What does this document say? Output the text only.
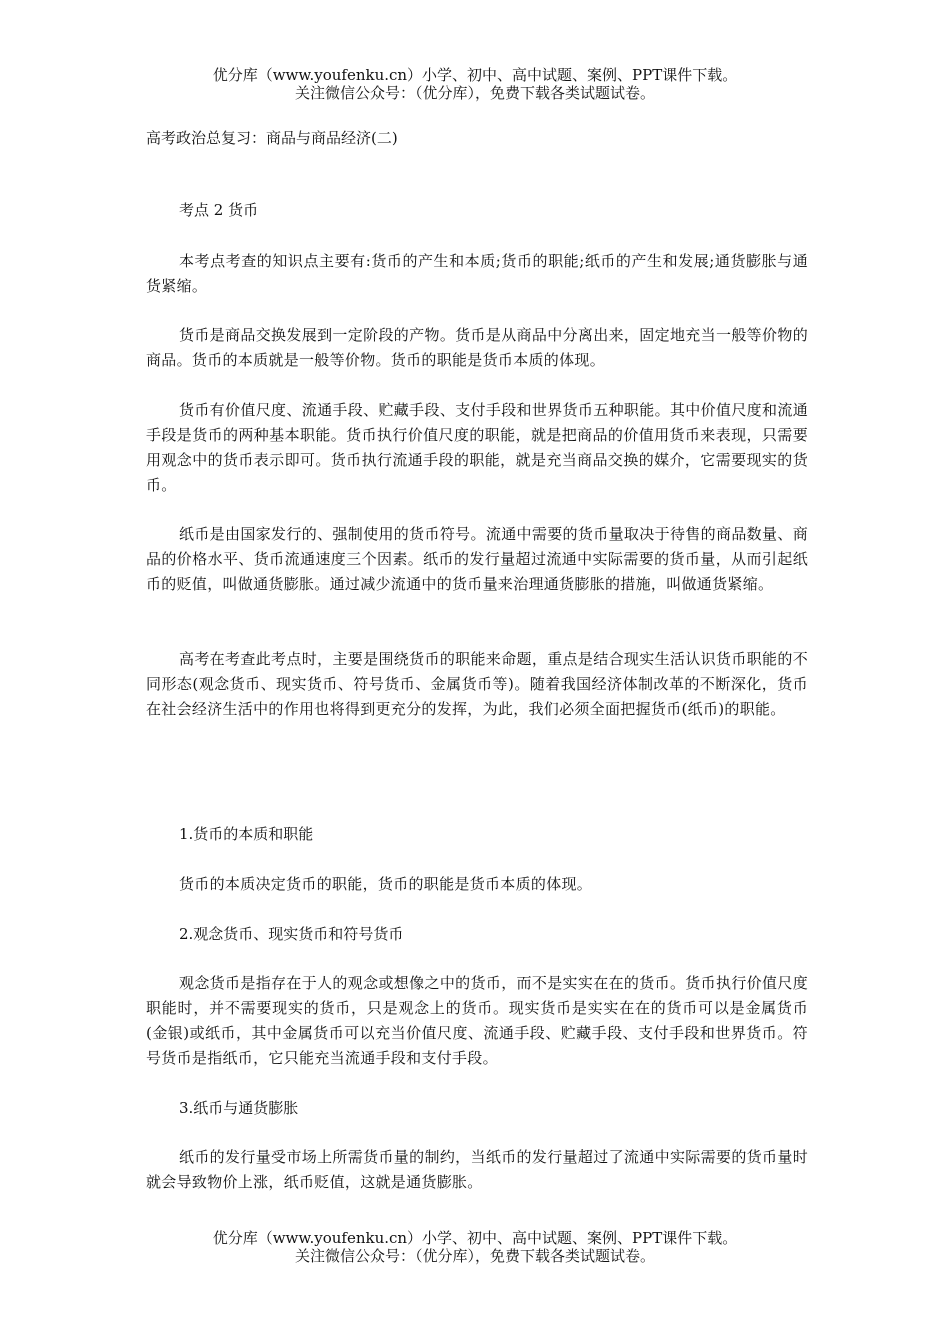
优分库（www.youfenku.cn）小学、初中、高中试题、案例、PPT课件下载。
关注微信公众号：（优分库），免费下载各类试题试卷。
高考政治总复习：商品与商品经济(二)
考点 2 货币
本考点考查的知识点主要有:货币的产生和本质;货币的职能;纸币的产生和发展;通货膨胀与通货紧缩。
货币是商品交换发展到一定阶段的产物。货币是从商品中分离出来，固定地充当一般等价物的商品。货币的本质就是一般等价物。货币的职能是货币本质的体现。
货币有价值尺度、流通手段、贮藏手段、支付手段和世界货币五种职能。其中价值尺度和流通手段是货币的两种基本职能。货币执行价值尺度的职能，就是把商品的价值用货币来表现，只需要用观念中的货币表示即可。货币执行流通手段的职能，就是充当商品交换的媒介，它需要现实的货币。
纸币是由国家发行的、强制使用的货币符号。流通中需要的货币量取决于待售的商品数量、商品的价格水平、货币流通速度三个因素。纸币的发行量超过流通中实际需要的货币量，从而引起纸币的贬值，叫做通货膨胀。通过减少流通中的货币量来治理通货膨胀的措施，叫做通货紧缩。
高考在考查此考点时，主要是围绕货币的职能来命题，重点是结合现实生活认识货币职能的不同形态(观念货币、现实货币、符号货币、金属货币等)。随着我国经济体制改革的不断深化，货币在社会经济生活中的作用也将得到更充分的发挥，为此，我们必须全面把握货币(纸币)的职能。
1.货币的本质和职能
货币的本质决定货币的职能，货币的职能是货币本质的体现。
2.观念货币、现实货币和符号货币
观念货币是指存在于人的观念或想像之中的货币，而不是实实在在的货币。货币执行价值尺度职能时，并不需要现实的货币，只是观念上的货币。现实货币是实实在在的货币可以是金属货币(金银)或纸币，其中金属货币可以充当价值尺度、流通手段、贮藏手段、支付手段和世界货币。符号货币是指纸币，它只能充当流通手段和支付手段。
3.纸币与通货膨胀
纸币的发行量受市场上所需货币量的制约，当纸币的发行量超过了流通中实际需要的货币量时就会导致物价上涨，纸币贬值，这就是通货膨胀。
优分库（www.youfenku.cn）小学、初中、高中试题、案例、PPT课件下载。
关注微信公众号：（优分库），免费下载各类试题试卷。
